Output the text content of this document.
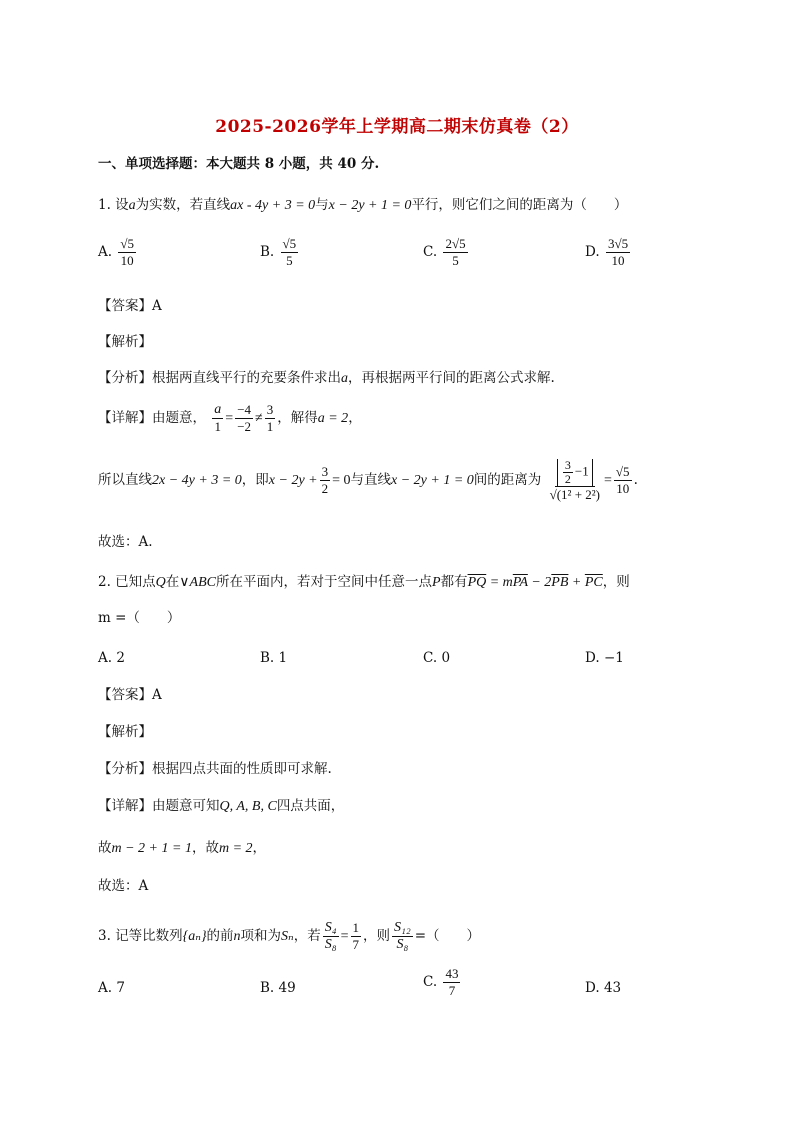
2025-2026学年上学期高二期末仿真卷（2）
一、单项选择题：本大题共 8 小题，共 40 分.
1. 设a为实数，若直线ax - 4y + 3 = 0与x − 2y + 1 = 0平行，则它们之间的距离为（　　）
A. $\frac{√5}{10}$	B. $\frac{√5}{5}$	C. $\frac{2√5}{5}$	D. $\frac{3√5}{10}$
【答案】A
【解析】
【分析】根据两直线平行的充要条件求出a，再根据两平行间的距离公式求解.
【详解】由题意， $\frac{a}{1} = \frac{-4}{-2} \ne \frac{3}{1}$ ，解得a = 2，
所以直线2x − 4y + 3 = 0，即$x - 2y + \frac{3}{2} = 0$与直线x − 2y + 1 = 0间的距离为 $\frac{\frac{3}{2} -1}{\text{√(1² + 2²)}} = \frac{√5}{10}$ .
故选：A.
2. 已知点Q在∨ABC所在平面内，若对于空间中任意一点P都有$\overline{PQ} = m\overline{PA} - 2\overline{PB} + \overline{PC}$，则
m =（　　）
A. 2	B. 1	C. 0	D. −1
【答案】A
【解析】
【分析】根据四点共面的性质即可求解.
【详解】由题意可知Q, A, B, C四点共面，
故m − 2 + 1 = 1，故m = 2，
故选：A
3. 记等比数列{aₙ}的前n项和为Sₙ，若 $\frac{\text{S₄}}{\text{S₈}} = \frac{1}{7}$ ，则 $\frac{\text{S₁₂}}{\text{S₈}}$ =（　　）
A. 7	B. 49	C. $\frac{43}{7}$	D. 43
